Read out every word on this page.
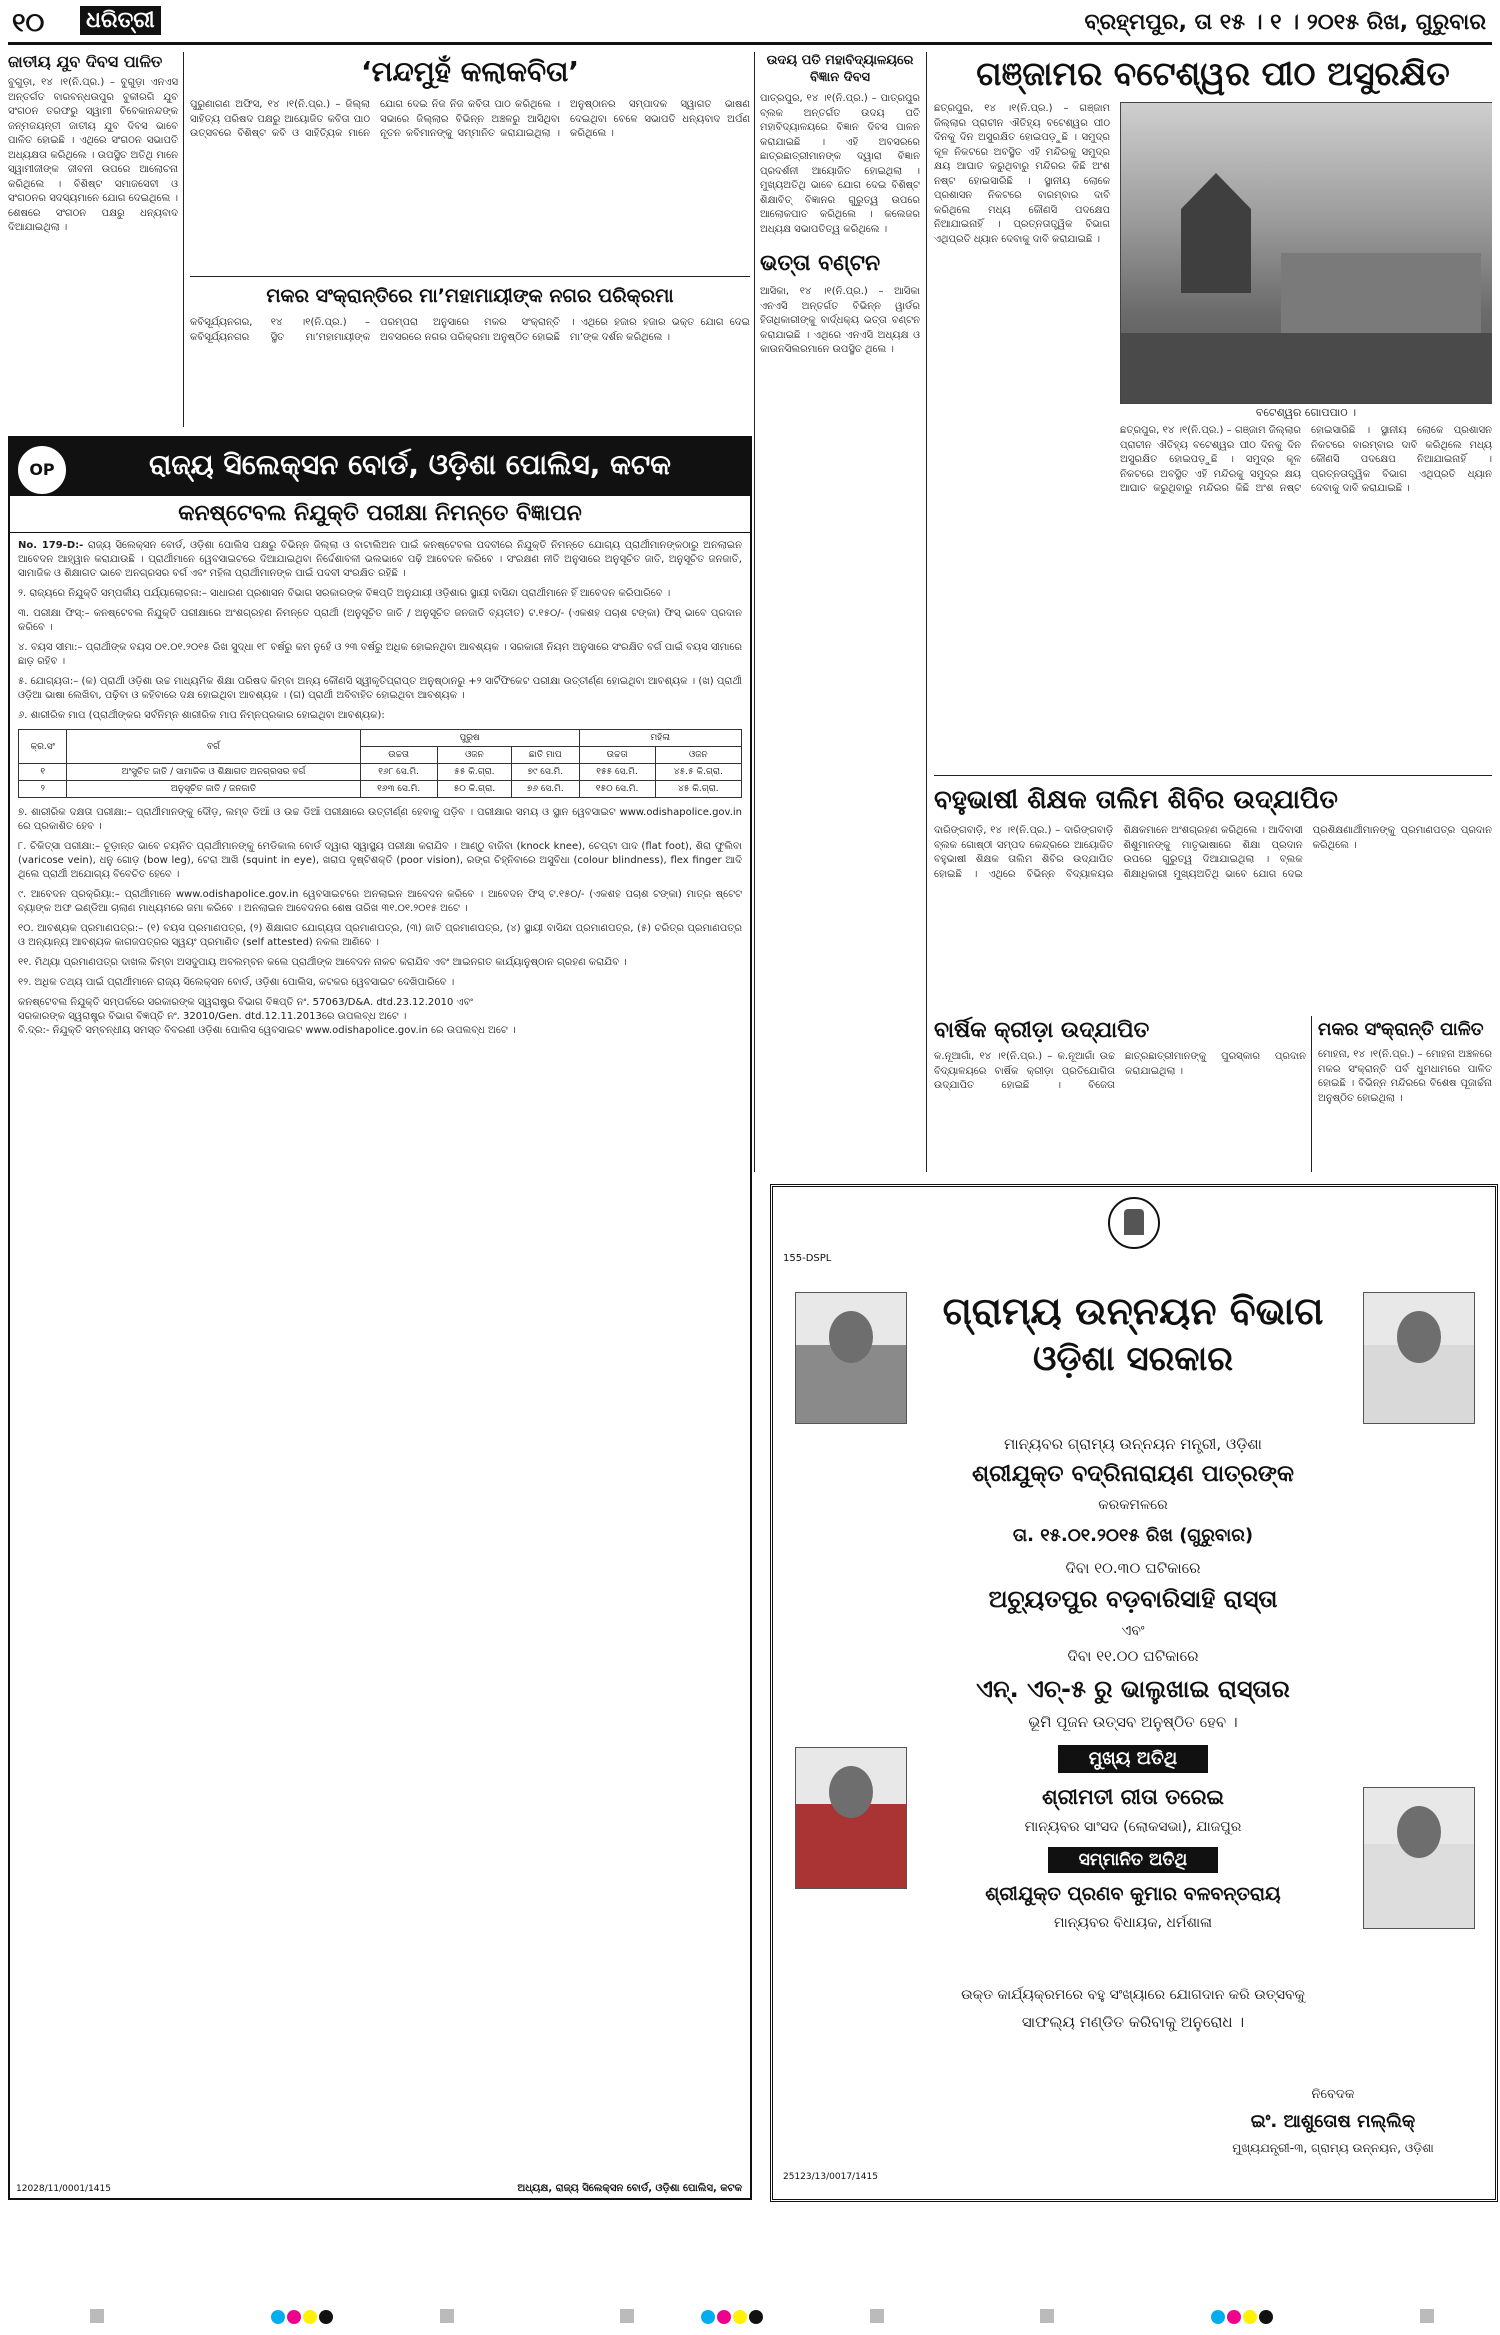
୧୦ ଧରିତ୍ରୀ	ବ୍ରହ୍ମପୁର, ତା ୧୫ । ୧ । ୨୦୧୫ ରିଖ, ଗୁରୁବାର
ଜାତୀୟ ଯୁବ ଦିବସ ପାଳିତ
ବୁଗୁଡ଼ା, ୧୪ ।୧(ନି.ପ୍ର.) – ବୁଗୁଡ଼ା ଏନଏସ ଅନ୍ତର୍ଗତ ବାରବନ୍ଧଉପୁର ବୁକୀରଗି ଯୁବ ସଂଗଠନ ତରଫରୁ ସ୍ୱାମୀ ବିବେକାନନ୍ଦଙ୍କ ଜନ୍ମଜୟନ୍ତୀ ଜାତୀୟ ଯୁବ ଦିବସ ଭାବେ ପାଳିତ ହୋଇଛି । ଏଥିରେ ସଂଗଠନ ସଭାପତି ଅଧ୍ୟକ୍ଷତା କରିଥିଲେ । ଉପସ୍ଥିତ ଅତିଥି ମାନେ ସ୍ୱାମୀଜୀଙ୍କ ଜୀବନୀ ଉପରେ ଆଲୋଚନା କରିଥିଲେ । ବିଶିଷ୍ଟ ସମାଜସେବୀ ଓ ସଂଗଠନର ସଦସ୍ୟମାନେ ଯୋଗ ଦେଇଥିଲେ । ଶେଷରେ ସଂଗଠନ ପକ୍ଷରୁ ଧନ୍ୟବାଦ ଦିଆଯାଇଥିଲା ।
‘ମନ୍ଦମୁହଁ କଲାକବିତା’
ପୁରୁଣାଗଣ ଅଫିସ, ୧୪ ।୧(ନି.ପ୍ର.) – ଜିଲ୍ଲା ସାହିତ୍ୟ ପରିଷଦ ପକ୍ଷରୁ ଆୟୋଜିତ କବିତା ପାଠ ଉତ୍ସବରେ ବିଶିଷ୍ଟ କବି ଓ ସାହିତ୍ୟିକ ମାନେ ଯୋଗ ଦେଇ ନିଜ ନିଜ କବିତା ପାଠ କରିଥିଲେ । ସଭାରେ ଜିଲ୍ଲାର ବିଭିନ୍ନ ଅଞ୍ଚଳରୁ ଆସିଥିବା ନୂତନ କବିମାନଙ୍କୁ ସମ୍ମାନିତ କରାଯାଇଥିଲା । ଅନୁଷ୍ଠାନର ସମ୍ପାଦକ ସ୍ୱାଗତ ଭାଷଣ ଦେଇଥିବା ବେଳେ ସଭାପତି ଧନ୍ୟବାଦ ଅର୍ପଣ କରିଥିଲେ ।
ମକର ସଂକ୍ରାନ୍ତିରେ ମା’ମହାମାୟୀଙ୍କ ନଗର ପରିକ୍ରମା
କବିସୂର୍ଯ୍ୟନଗର, ୧୪ ।୧(ନି.ପ୍ର.) – କବିସୂର୍ଯ୍ୟନଗର ସ୍ଥିତ ମା’ମହାମାୟୀଙ୍କ ପରମ୍ପରା ଅନୁସାରେ ମକର ସଂକ୍ରାନ୍ତି ଅବସରରେ ନଗର ପରିକ୍ରମା ଅନୁଷ୍ଠିତ ହୋଇଛି । ଏଥିରେ ହଜାର ହଜାର ଭକ୍ତ ଯୋଗ ଦେଇ ମା’ଙ୍କ ଦର୍ଶନ କରିଥିଲେ ।
ଉଦୟ ପତି ମହାବିଦ୍ୟାଳୟରେ ବିଜ୍ଞାନ ଦିବସ
ପାତ୍ରପୁର, ୧୪ ।୧(ନି.ପ୍ର.) – ପାତ୍ରପୁର ବ୍ଲକ ଅନ୍ତର୍ଗତ ଉଦୟ ପତି ମହାବିଦ୍ୟାଳୟରେ ବିଜ୍ଞାନ ଦିବସ ପାଳନ କରାଯାଇଛି । ଏହି ଅବସରରେ ଛାତ୍ରଛାତ୍ରୀମାନଙ୍କ ଦ୍ୱାରା ବିଜ୍ଞାନ ପ୍ରଦର୍ଶନୀ ଆୟୋଜିତ ହୋଇଥିଲା । ମୁଖ୍ୟଅତିଥି ଭାବେ ଯୋଗ ଦେଇ ବିଶିଷ୍ଟ ଶିକ୍ଷାବିତ୍ ବିଜ୍ଞାନର ଗୁରୁତ୍ୱ ଉପରେ ଆଲୋକପାତ କରିଥିଲେ । କଲେଜର ଅଧ୍ୟକ୍ଷ ସଭାପତିତ୍ୱ କରିଥିଲେ ।
ଭତ୍ତା ବଣ୍ଟନ
ଆସିକା, ୧୪ ।୧(ନି.ପ୍ର.) – ଆସିକା ଏନଏସି ଅନ୍ତର୍ଗତ ବିଭିନ୍ନ ୱାର୍ଡର ହିତାଧିକାରୀଙ୍କୁ ବାର୍ଦ୍ଧକ୍ୟ ଭତ୍ତା ବଣ୍ଟନ କରାଯାଇଛି । ଏଥିରେ ଏନଏସି ଅଧ୍ୟକ୍ଷ ଓ କାଉନସିଲରମାନେ ଉପସ୍ଥିତ ଥିଲେ ।
ଗଞ୍ଜାମର ବଟେଶ୍ୱର ପୀଠ ଅସୁରକ୍ଷିତ
ଛତ୍ରପୁର, ୧୪ ।୧(ନି.ପ୍ର.) – ଗଞ୍ଜାମ ଜିଲ୍ଲାର ପ୍ରାଚୀନ ଐତିହ୍ୟ ବଟେଶ୍ୱର ପୀଠ ଦିନକୁ ଦିନ ଅସୁରକ୍ଷିତ ହୋଇପଡ଼ୁଛି । ସମୁଦ୍ର କୂଳ ନିକଟରେ ଅବସ୍ଥିତ ଏହି ମନ୍ଦିରକୁ ସମୁଦ୍ର କ୍ଷୟ ଆଘାତ କରୁଥିବାରୁ ମନ୍ଦିରର କିଛି ଅଂଶ ନଷ୍ଟ ହୋଇସାରିଛି । ସ୍ଥାନୀୟ ଲୋକେ ପ୍ରଶାସନ ନିକଟରେ ବାରମ୍ବାର ଦାବି କରିଥିଲେ ମଧ୍ୟ କୌଣସି ପଦକ୍ଷେପ ନିଆଯାଇନାହିଁ । ପ୍ରତ୍ନତାତ୍ତ୍ୱିକ ବିଭାଗ ଏଥିପ୍ରତି ଧ୍ୟାନ ଦେବାକୁ ଦାବି କରାଯାଇଛି ।
ବଟେଶ୍ୱର ଗୋପପାଠ ।
ଛତ୍ରପୁର, ୧୪ ।୧(ନି.ପ୍ର.) – ଗଞ୍ଜାମ ଜିଲ୍ଲାର ପ୍ରାଚୀନ ଐତିହ୍ୟ ବଟେଶ୍ୱର ପୀଠ ଦିନକୁ ଦିନ ଅସୁରକ୍ଷିତ ହୋଇପଡ଼ୁଛି । ସମୁଦ୍ର କୂଳ ନିକଟରେ ଅବସ୍ଥିତ ଏହି ମନ୍ଦିରକୁ ସମୁଦ୍ର କ୍ଷୟ ଆଘାତ କରୁଥିବାରୁ ମନ୍ଦିରର କିଛି ଅଂଶ ନଷ୍ଟ ହୋଇସାରିଛି । ସ୍ଥାନୀୟ ଲୋକେ ପ୍ରଶାସନ ନିକଟରେ ବାରମ୍ବାର ଦାବି କରିଥିଲେ ମଧ୍ୟ କୌଣସି ପଦକ୍ଷେପ ନିଆଯାଇନାହିଁ । ପ୍ରତ୍ନତାତ୍ତ୍ୱିକ ବିଭାଗ ଏଥିପ୍ରତି ଧ୍ୟାନ ଦେବାକୁ ଦାବି କରାଯାଇଛି ।
ବହୁଭାଷୀ ଶିକ୍ଷକ ତାଲିମ ଶିବିର ଉଦ୍‌ଯାପିତ
ଦାରିଙ୍ଗବାଡ଼ି, ୧୪ ।୧(ନି.ପ୍ର.) – ଦାରିଙ୍ଗବାଡ଼ି ବ୍ଲକ ଗୋଷ୍ଠୀ ସମ୍ପଦ କେନ୍ଦ୍ରରେ ଆୟୋଜିତ ବହୁଭାଷୀ ଶିକ୍ଷକ ତାଲିମ ଶିବିର ଉଦ୍‌ଯାପିତ ହୋଇଛି । ଏଥିରେ ବିଭିନ୍ନ ବିଦ୍ୟାଳୟର ଶିକ୍ଷକମାନେ ଅଂଶଗ୍ରହଣ କରିଥିଲେ । ଆଦିବାସୀ ଶିଶୁମାନଙ୍କୁ ମାତୃଭାଷାରେ ଶିକ୍ଷା ପ୍ରଦାନ ଉପରେ ଗୁରୁତ୍ୱ ଦିଆଯାଇଥିଲା । ବ୍ଲକ ଶିକ୍ଷାଧିକାରୀ ମୁଖ୍ୟଅତିଥି ଭାବେ ଯୋଗ ଦେଇ ପ୍ରଶିକ୍ଷଣାର୍ଥୀମାନଙ୍କୁ ପ୍ରମାଣପତ୍ର ପ୍ରଦାନ କରିଥିଲେ ।
ବାର୍ଷିକ କ୍ରୀଡ଼ା ଉଦ୍‌ଯାପିତ
କ.ନୂଆଗାଁ, ୧୪ ।୧(ନି.ପ୍ର.) – କ.ନୂଆଗାଁ ଉଚ୍ଚ ବିଦ୍ୟାଳୟରେ ବାର୍ଷିକ କ୍ରୀଡ଼ା ପ୍ରତିଯୋଗିତା ଉଦ୍‌ଯାପିତ ହୋଇଛି । ବିଜେତା ଛାତ୍ରଛାତ୍ରୀମାନଙ୍କୁ ପୁରସ୍କାର ପ୍ରଦାନ କରାଯାଇଥିଲା ।
ମକର ସଂକ୍ରାନ୍ତି ପାଳିତ
ମୋହନା, ୧୪ ।୧(ନି.ପ୍ର.) – ମୋହନା ଅଞ୍ଚଳରେ ମକର ସଂକ୍ରାନ୍ତି ପର୍ବ ଧୁମଧାମରେ ପାଳିତ ହୋଇଛି । ବିଭିନ୍ନ ମନ୍ଦିରରେ ବିଶେଷ ପୂଜାର୍ଚ୍ଚନା ଅନୁଷ୍ଠିତ ହୋଇଥିଲା ।
OP	ରାଜ୍ୟ ସିଲେକ୍ସନ ବୋର୍ଡ, ଓଡ଼ିଶା ପୋଲିସ, କଟକ
କନଷ୍ଟେବଲ ନିଯୁକ୍ତି ପରୀକ୍ଷା ନିମନ୍ତେ ବିଜ୍ଞାପନ
No. 179-D:- ରାଜ୍ୟ ସିଲେକ୍ସନ ବୋର୍ଡ, ଓଡ଼ିଶା ପୋଲିସ ପକ୍ଷରୁ ବିଭିନ୍ନ ଜିଲ୍ଲା ଓ ବାଟାଲିଅନ ପାଇଁ କନଷ୍ଟେବଲ ପଦବୀରେ ନିଯୁକ୍ତି ନିମନ୍ତେ ଯୋଗ୍ୟ ପ୍ରାର୍ଥୀମାନଙ୍କଠାରୁ ଅନଲାଇନ ଆବେଦନ ଆହ୍ୱାନ କରାଯାଉଛି । ପ୍ରାର୍ଥୀମାନେ ୱେବସାଇଟରେ ଦିଆଯାଇଥିବା ନିର୍ଦ୍ଦେଶାବଳୀ ଭଲଭାବେ ପଢ଼ି ଆବେଦନ କରିବେ । ସଂରକ୍ଷଣ ନୀତି ଅନୁସାରେ ଅନୁସୂଚିତ ଜାତି, ଅନୁସୂଚିତ ଜନଜାତି, ସାମାଜିକ ଓ ଶିକ୍ଷାଗତ ଭାବେ ଅନଗ୍ରସର ବର୍ଗ ଏବଂ ମହିଳା ପ୍ରାର୍ଥୀମାନଙ୍କ ପାଇଁ ପଦବୀ ସଂରକ୍ଷିତ ରହିଛି ।
୨. ରାଜ୍ୟରେ ନିଯୁକ୍ତି ସମ୍ପର୍କୀୟ ପର୍ଯ୍ୟାଲୋଚନା:– ସାଧାରଣ ପ୍ରଶାସନ ବିଭାଗ ସରକାରଙ୍କ ବିଜ୍ଞପ୍ତି ଅନୁଯାୟୀ ଓଡ଼ିଶାର ସ୍ଥାୟୀ ବାସିନ୍ଦା ପ୍ରାର୍ଥୀମାନେ ହିଁ ଆବେଦନ କରିପାରିବେ ।
୩. ପରୀକ୍ଷା ଫିସ୍:– କନଷ୍ଟେବଲ ନିଯୁକ୍ତି ପରୀକ୍ଷାରେ ଅଂଶଗ୍ରହଣ ନିମନ୍ତେ ପ୍ରାର୍ଥୀ (ଅନୁସୂଚିତ ଜାତି / ଅନୁସୂଚିତ ଜନଜାତି ବ୍ୟତୀତ) ଟ.୧୫୦/- (ଏକଶହ ପଚାଶ ଟଙ୍କା) ଫିସ୍ ଭାବେ ପ୍ରଦାନ କରିବେ ।
୪. ବୟସ ସୀମା:– ପ୍ରାର୍ଥୀଙ୍କ ବୟସ ୦୧.୦୧.୨୦୧୫ ରିଖ ସୁଦ୍ଧା ୧୮ ବର୍ଷରୁ କମ ନୁହେଁ ଓ ୨୩ ବର୍ଷରୁ ଅଧିକ ହୋଇନଥିବା ଆବଶ୍ୟକ । ସରକାରୀ ନିୟମ ଅନୁସାରେ ସଂରକ୍ଷିତ ବର୍ଗ ପାଇଁ ବୟସ ସୀମାରେ ଛାଡ଼ ରହିବ ।
୫. ଯୋଗ୍ୟତା:– (କ) ପ୍ରାର୍ଥୀ ଓଡ଼ିଶା ଉଚ୍ଚ ମାଧ୍ୟମିକ ଶିକ୍ଷା ପରିଷଦ କିମ୍ବା ଅନ୍ୟ କୌଣସି ସ୍ୱୀକୃତିପ୍ରାପ୍ତ ଅନୁଷ୍ଠାନରୁ +୨ ସାର୍ଟିଫିକେଟ ପରୀକ୍ଷା ଉତ୍ତୀର୍ଣ୍ଣ ହୋଇଥିବା ଆବଶ୍ୟକ । (ଖ) ପ୍ରାର୍ଥୀ ଓଡ଼ିଆ ଭାଷା ଲେଖିବା, ପଢ଼ିବା ଓ କହିବାରେ ଦକ୍ଷ ହୋଇଥିବା ଆବଶ୍ୟକ । (ଗ) ପ୍ରାର୍ଥୀ ଅବିବାହିତ ହୋଇଥିବା ଆବଶ୍ୟକ ।
୬. ଶାରୀରିକ ମାପ (ପ୍ରାର୍ଥୀଙ୍କର ସର୍ବନିମ୍ନ ଶାରୀରିକ ମାପ ନିମ୍ନପ୍ରକାର ହୋଇଥିବା ଆବଶ୍ୟକ):
କ୍ର.ସଂ	ବର୍ଗ	ପୁରୁଷ			ମହିଳା	
		ଉଚ୍ଚତା	ଓଜନ	ଛାତି ମାପ	ଉଚ୍ଚତା	ଓଜନ
୧	ଅଂସୁଚିତ ଜାତି / ସାମାଜିକ ଓ ଶିକ୍ଷାଗତ ଅନଗ୍ରସର ବର୍ଗ	୧୬୮ ସେ.ମି.	୫୫ କି.ଗ୍ରା.	୭୯ ସେ.ମି.	୧୫୫ ସେ.ମି.	୪୫.୫ କି.ଗ୍ରା.
୨	ଅନୁସୂଚିତ ଜାତି / ଜନଜାତି	୧୬୩ ସେ.ମି.	୫୦ କି.ଗ୍ରା.	୭୬ ସେ.ମି.	୧୫୦ ସେ.ମି.	୪୫ କି.ଗ୍ରା.
୭. ଶାରୀରିକ ଦକ୍ଷତା ପରୀକ୍ଷା:– ପ୍ରାର୍ଥୀମାନଙ୍କୁ ଦୌଡ଼, ଲମ୍ବ ଡିଆଁ ଓ ଉଚ୍ଚ ଡିଆଁ ପରୀକ୍ଷାରେ ଉତ୍ତୀର୍ଣ୍ଣ ହେବାକୁ ପଡ଼ିବ । ପରୀକ୍ଷାର ସମୟ ଓ ସ୍ଥାନ ୱେବସାଇଟ www.odishapolice.gov.in ରେ ପ୍ରକାଶିତ ହେବ ।
୮. ଚିକିତ୍ସା ପରୀକ୍ଷା:– ଚୂଡ଼ାନ୍ତ ଭାବେ ଚୟନିତ ପ୍ରାର୍ଥୀମାନଙ୍କୁ ମେଡିକାଲ ବୋର୍ଡ ଦ୍ୱାରା ସ୍ୱାସ୍ଥ୍ୟ ପରୀକ୍ଷା କରାଯିବ । ଆଣ୍ଠୁ ବାଜିବା (knock knee), ଚେପ୍ଟା ପାଦ (flat foot), ଶିରା ଫୁଲିବା (varicose vein), ଧନୁ ଗୋଡ଼ (bow leg), ଟେରା ଆଖି (squint in eye), ଖରାପ ଦୃଷ୍ଟିଶକ୍ତି (poor vision), ରଙ୍ଗ ଚିହ୍ନିବାରେ ଅସୁବିଧା (colour blindness), flex finger ଆଦି ଥିଲେ ପ୍ରାର୍ଥୀ ଅଯୋଗ୍ୟ ବିବେଚିତ ହେବେ ।
୯. ଆବେଦନ ପ୍ରକ୍ରିୟା:– ପ୍ରାର୍ଥୀମାନେ www.odishapolice.gov.in ୱେବସାଇଟରେ ଅନଲାଇନ ଆବେଦନ କରିବେ । ଆବେଦନ ଫିସ୍ ଟ.୧୫୦/- (ଏକଶହ ପଚାଶ ଟଙ୍କା) ମାତ୍ର ଷ୍ଟେଟ ବ୍ୟାଙ୍କ ଅଫ ଇଣ୍ଡିଆ ଚାଲାଣ ମାଧ୍ୟମରେ ଜମା କରିବେ । ଅନଲାଇନ ଆବେଦନର ଶେଷ ତାରିଖ ୩୧.୦୧.୨୦୧୫ ଅଟେ ।
୧୦. ଆବଶ୍ୟକ ପ୍ରମାଣପତ୍ର:– (୧) ବୟସ ପ୍ରମାଣପତ୍ର, (୨) ଶିକ୍ଷାଗତ ଯୋଗ୍ୟତା ପ୍ରମାଣପତ୍ର, (୩) ଜାତି ପ୍ରମାଣପତ୍ର, (୪) ସ୍ଥାୟୀ ବାସିନ୍ଦା ପ୍ରମାଣପତ୍ର, (୫) ଚରିତ୍ର ପ୍ରମାଣପତ୍ର ଓ ଅନ୍ୟାନ୍ୟ ଆବଶ୍ୟକ କାଗଜପତ୍ରର ସ୍ୱୟଂ ପ୍ରମାଣିତ (self attested) ନକଲ ଆଣିବେ ।
୧୧. ମିଥ୍ୟା ପ୍ରମାଣପତ୍ର ଦାଖଲ କିମ୍ବା ଅସଦୁପାୟ ଅବଲମ୍ବନ କଲେ ପ୍ରାର୍ଥୀଙ୍କ ଆବେଦନ ନାକଚ କରାଯିବ ଏବଂ ଆଇନଗତ କାର୍ଯ୍ୟାନୁଷ୍ଠାନ ଗ୍ରହଣ କରାଯିବ ।
୧୨. ଅଧିକ ତଥ୍ୟ ପାଇଁ ପ୍ରାର୍ଥୀମାନେ ରାଜ୍ୟ ସିଲେକ୍ସନ ବୋର୍ଡ, ଓଡ଼ିଶା ପୋଲିସ, କଟକର ୱେବସାଇଟ ଦେଖିପାରିବେ ।
କନଷ୍ଟେବଲ ନିଯୁକ୍ତି ସମ୍ପର୍କରେ ସରକାରଙ୍କ ସ୍ୱରାଷ୍ଟ୍ର ବିଭାଗ ବିଜ୍ଞପ୍ତି ନଂ. 57063/D&A. dtd.23.12.2010 ଏବଂ
ସରକାରଙ୍କ ସ୍ୱରାଷ୍ଟ୍ର ବିଭାଗ ବିଜ୍ଞପ୍ତି ନଂ. 32010/Gen. dtd.12.11.2013ରେ ଉପଲବ୍ଧ ଅଟେ ।
ବି.ଦ୍ର:- ନିଯୁକ୍ତି ସମ୍ବନ୍ଧୀୟ ସମସ୍ତ ବିବରଣୀ ଓଡ଼ିଶା ପୋଲିସ ୱେବସାଇଟ www.odishapolice.gov.in ରେ ଉପଲବ୍ଧ ଅଟେ ।
12028/11/0001/1415	ଅଧ୍ୟକ୍ଷ, ରାଜ୍ୟ ସିଲେକ୍ସନ ବୋର୍ଡ, ଓଡ଼ିଶା ପୋଲିସ, କଟକ
155-DSPL
ଗ୍ରାମ୍ୟ ଉନ୍ନୟନ ବିଭାଗ
ଓଡ଼ିଶା ସରକାର
ମାନ୍ୟବର ଗ୍ରାମ୍ୟ ଉନ୍ନୟନ ମନ୍ତ୍ରୀ, ଓଡ଼ିଶା
ଶ୍ରୀଯୁକ୍ତ ବଦ୍ରିନାରାୟଣ ପାତ୍ରଙ୍କ
କରକମଳରେ
ତା. ୧୫.୦୧.୨୦୧୫ ରିଖ (ଗୁରୁବାର)
ଦିବା ୧୦.୩୦ ଘଟିକାରେ
ଅଚ୍ୟୁତପୁର ବଡ଼ବାରିସାହି ରାସ୍ତା
ଏବଂ
ଦିବା ୧୧.୦୦ ଘଟିକାରେ
ଏନ୍‌. ଏଚ୍‌-୫ ରୁ ଭାଲୁଖାଇ ରାସ୍ତାର
ଭୂମି ପୂଜନ ଉତ୍ସବ ଅନୁଷ୍ଠିତ ହେବ ।
ମୁଖ୍ୟ ଅତିଥି
ଶ୍ରୀମତୀ ରୀତା ତରେଇ
ମାନ୍ୟବର ସାଂସଦ (ଲୋକସଭା), ଯାଜପୁର
ସମ୍ମାନିତ ଅତିଥି
ଶ୍ରୀଯୁକ୍ତ ପ୍ରଣବ କୁମାର ବଳବନ୍ତରାୟ
ମାନ୍ୟବର ବିଧାୟକ, ଧର୍ମଶାଳା
ଉକ୍ତ କାର୍ଯ୍ୟକ୍ରମରେ ବହୁ ସଂଖ୍ୟାରେ ଯୋଗଦାନ କରି ଉତ୍ସବକୁ
ସାଫଲ୍ୟ ମଣ୍ଡିତ କରିବାକୁ ଅନୁରୋଧ ।
ନିବେଦକ
ଇଂ. ଆଶୁତୋଷ ମଲ୍ଲିକ୍
ମୁଖ୍ୟଯନ୍ତ୍ରୀ-୩, ଗ୍ରାମ୍ୟ ଉନ୍ନୟନ, ଓଡ଼ିଶା
25123/13/0017/1415
